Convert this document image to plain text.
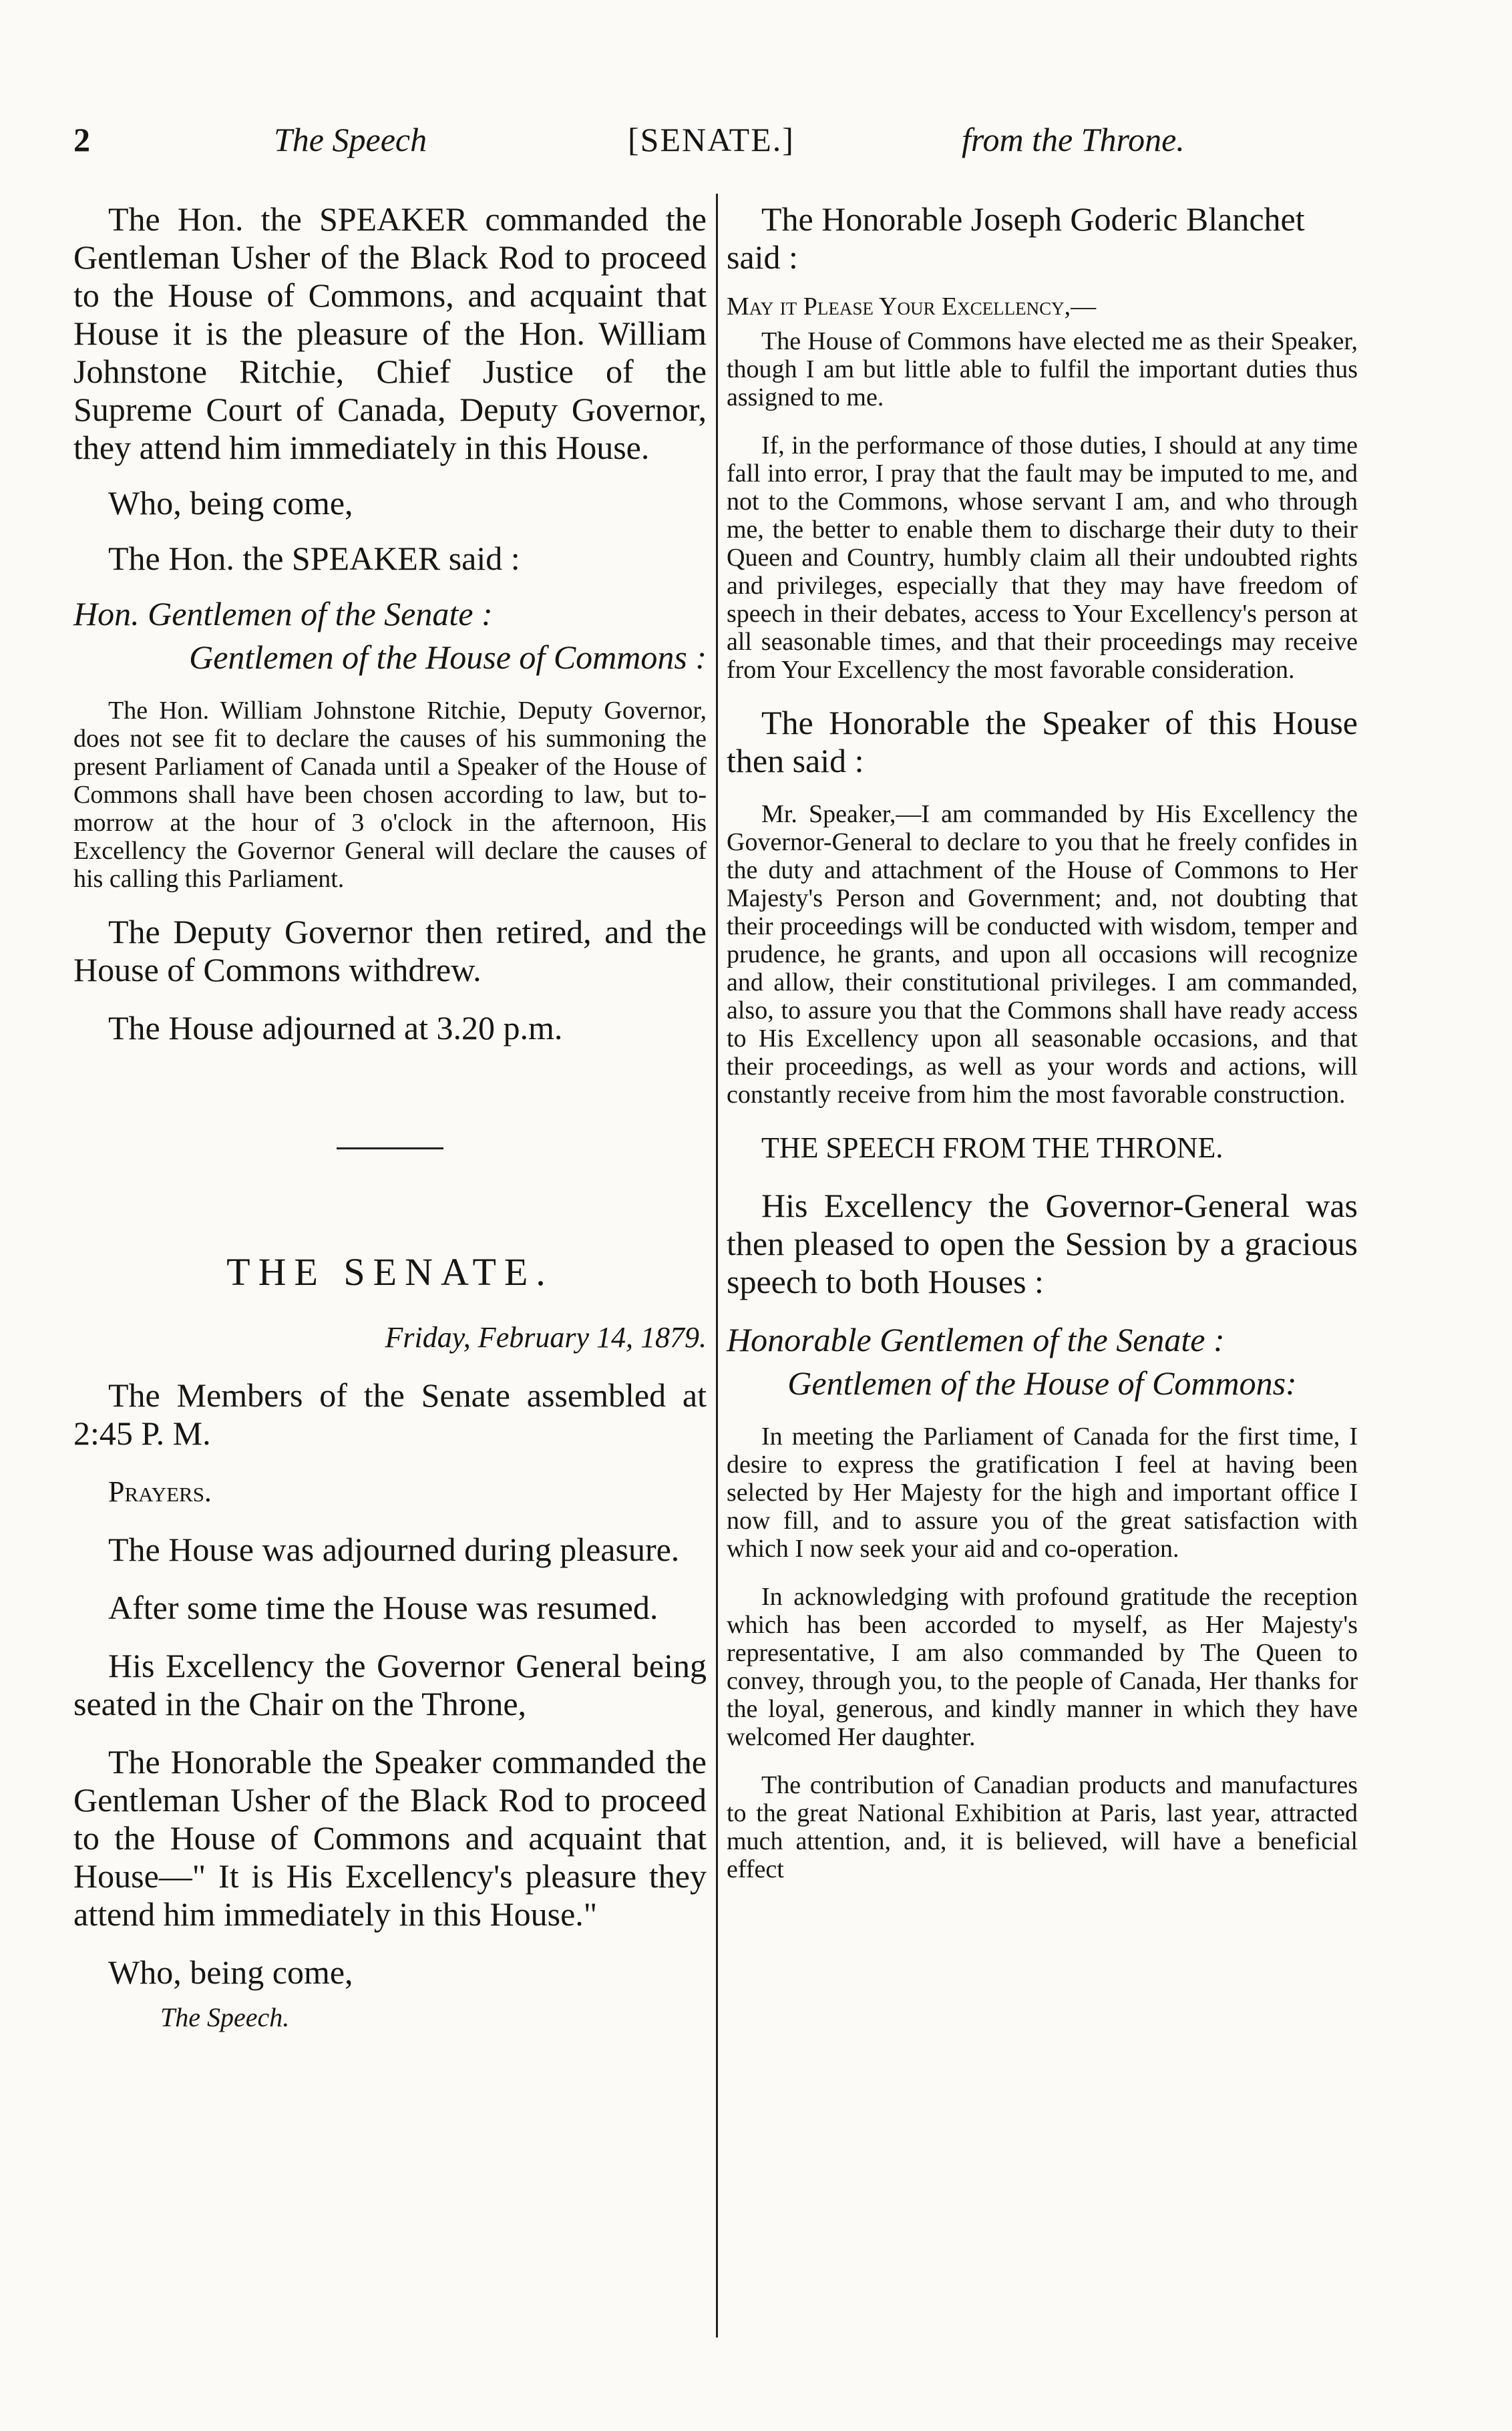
2	The Speech	[SENATE.]	from the Throne.

The Hon. the SPEAKER commanded the Gentleman Usher of the Black Rod to proceed to the House of Commons, and acquaint that House it is the pleasure of the Hon. William Johnstone Ritchie, Chief Justice of the Supreme Court of Canada, Deputy Governor, they attend him immediately in this House.

Who, being come,

The Hon. the SPEAKER said :

Hon. Gentlemen of the Senate :

Gentlemen of the House of Commons :

The Hon. William Johnstone Ritchie, Deputy Governor, does not see fit to declare the causes of his summoning the present Parliament of Canada until a Speaker of the House of Commons shall have been chosen according to law, but to-morrow at the hour of 3 o'clock in the afternoon, His Excellency the Governor General will declare the causes of his calling this Parliament.

The Deputy Governor then retired, and the House of Commons withdrew.

The House adjourned at 3.20 p.m.

THE SENATE.

Friday, February 14, 1879.

The Members of the Senate assembled at 2:45 P. M.

Prayers.

The House was adjourned during pleasure.

After some time the House was resumed.

His Excellency the Governor General being seated in the Chair on the Throne,

The Honorable the Speaker commanded the Gentleman Usher of the Black Rod to proceed to the House of Commons and acquaint that House—" It is His Excellency's pleasure they attend him immediately in this House."

Who, being come,

The Speech.

The Honorable Joseph Goderic Blanchet said :

May it Please Your Excellency,—

The House of Commons have elected me as their Speaker, though I am but little able to fulfil the important duties thus assigned to me.

If, in the performance of those duties, I should at any time fall into error, I pray that the fault may be imputed to me, and not to the Commons, whose servant I am, and who through me, the better to enable them to discharge their duty to their Queen and Country, humbly claim all their undoubted rights and privileges, especially that they may have freedom of speech in their debates, access to Your Excellency's person at all seasonable times, and that their proceedings may receive from Your Excellency the most favorable consideration.

The Honorable the Speaker of this House then said :

Mr. Speaker,—I am commanded by His Excellency the Governor-General to declare to you that he freely confides in the duty and attachment of the House of Commons to Her Majesty's Person and Government; and, not doubting that their proceedings will be conducted with wisdom, temper and prudence, he grants, and upon all occasions will recognize and allow, their constitutional privileges. I am commanded, also, to assure you that the Commons shall have ready access to His Excellency upon all seasonable occasions, and that their proceedings, as well as your words and actions, will constantly receive from him the most favorable construction.

THE SPEECH FROM THE THRONE.

His Excellency the Governor-General was then pleased to open the Session by a gracious speech to both Houses :

Honorable Gentlemen of the Senate :

Gentlemen of the House of Commons:

In meeting the Parliament of Canada for the first time, I desire to express the gratification I feel at having been selected by Her Majesty for the high and important office I now fill, and to assure you of the great satisfaction with which I now seek your aid and co-operation.

In acknowledging with profound gratitude the reception which has been accorded to myself, as Her Majesty's representative, I am also commanded by The Queen to convey, through you, to the people of Canada, Her thanks for the loyal, generous, and kindly manner in which they have welcomed Her daughter.

The contribution of Canadian products and manufactures to the great National Exhibition at Paris, last year, attracted much attention, and, it is believed, will have a beneficial effect
